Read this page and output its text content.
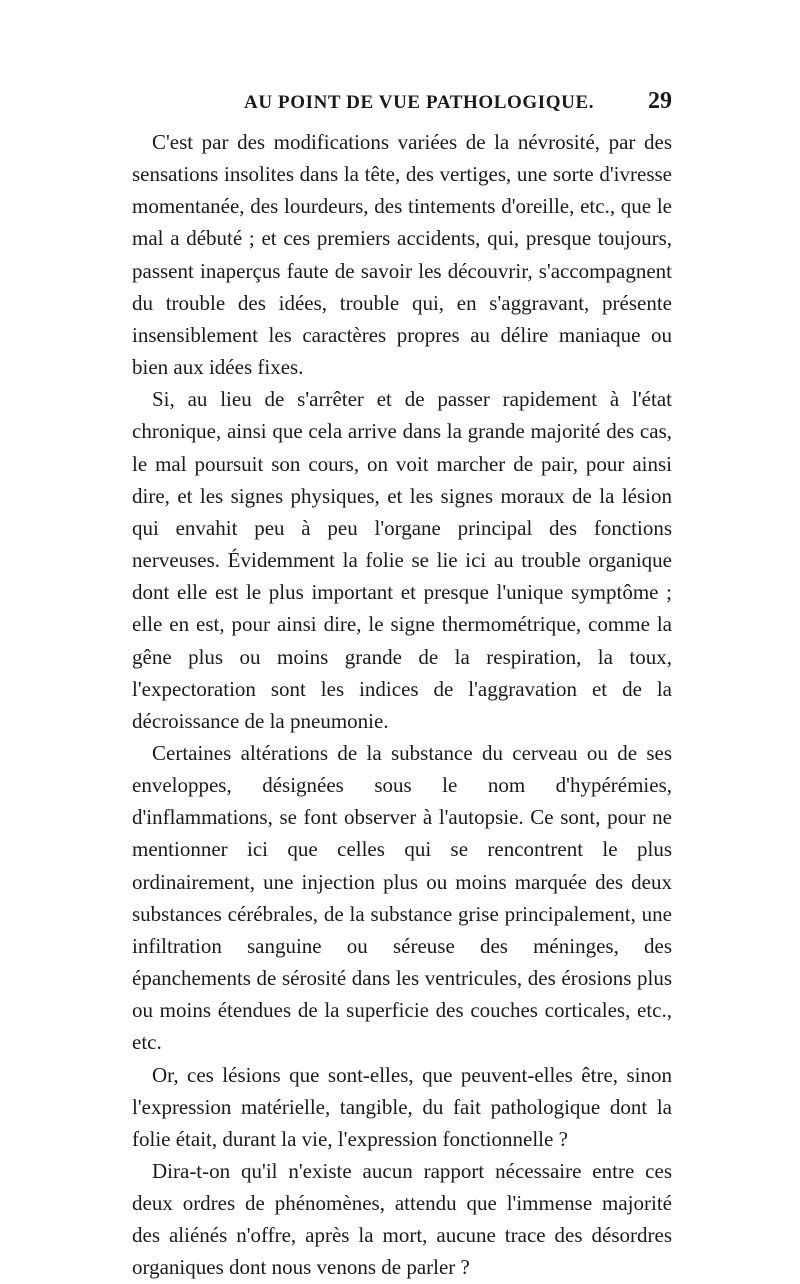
AU POINT DE VUE PATHOLOGIQUE. 29

C'est par des modifications variées de la névrosité, par des sensations insolites dans la tête, des vertiges, une sorte d'ivresse momentanée, des lourdeurs, des tintements d'oreille, etc., que le mal a débuté ; et ces premiers accidents, qui, presque toujours, passent inaperçus faute de savoir les découvrir, s'accompagnent du trouble des idées, trouble qui, en s'aggravant, présente insensiblement les caractères propres au délire maniaque ou bien aux idées fixes.

Si, au lieu de s'arrêter et de passer rapidement à l'état chronique, ainsi que cela arrive dans la grande majorité des cas, le mal poursuit son cours, on voit marcher de pair, pour ainsi dire, et les signes physiques, et les signes moraux de la lésion qui envahit peu à peu l'organe principal des fonctions nerveuses. Évidemment la folie se lie ici au trouble organique dont elle est le plus important et presque l'unique symptôme ; elle en est, pour ainsi dire, le signe thermométrique, comme la gêne plus ou moins grande de la respiration, la toux, l'expectoration sont les indices de l'aggravation et de la décroissance de la pneumonie.

Certaines altérations de la substance du cerveau ou de ses enveloppes, désignées sous le nom d'hypérémies, d'inflammations, se font observer à l'autopsie. Ce sont, pour ne mentionner ici que celles qui se rencontrent le plus ordinairement, une injection plus ou moins marquée des deux substances cérébrales, de la substance grise principalement, une infiltration sanguine ou séreuse des méninges, des épanchements de sérosité dans les ventricules, des érosions plus ou moins étendues de la superficie des couches corticales, etc., etc.

Or, ces lésions que sont-elles, que peuvent-elles être, sinon l'expression matérielle, tangible, du fait pathologique dont la folie était, durant la vie, l'expression fonctionnelle ?

Dira-t-on qu'il n'existe aucun rapport nécessaire entre ces deux ordres de phénomènes, attendu que l'immense majorité des aliénés n'offre, après la mort, aucune trace des désordres organiques dont nous venons de parler ?
